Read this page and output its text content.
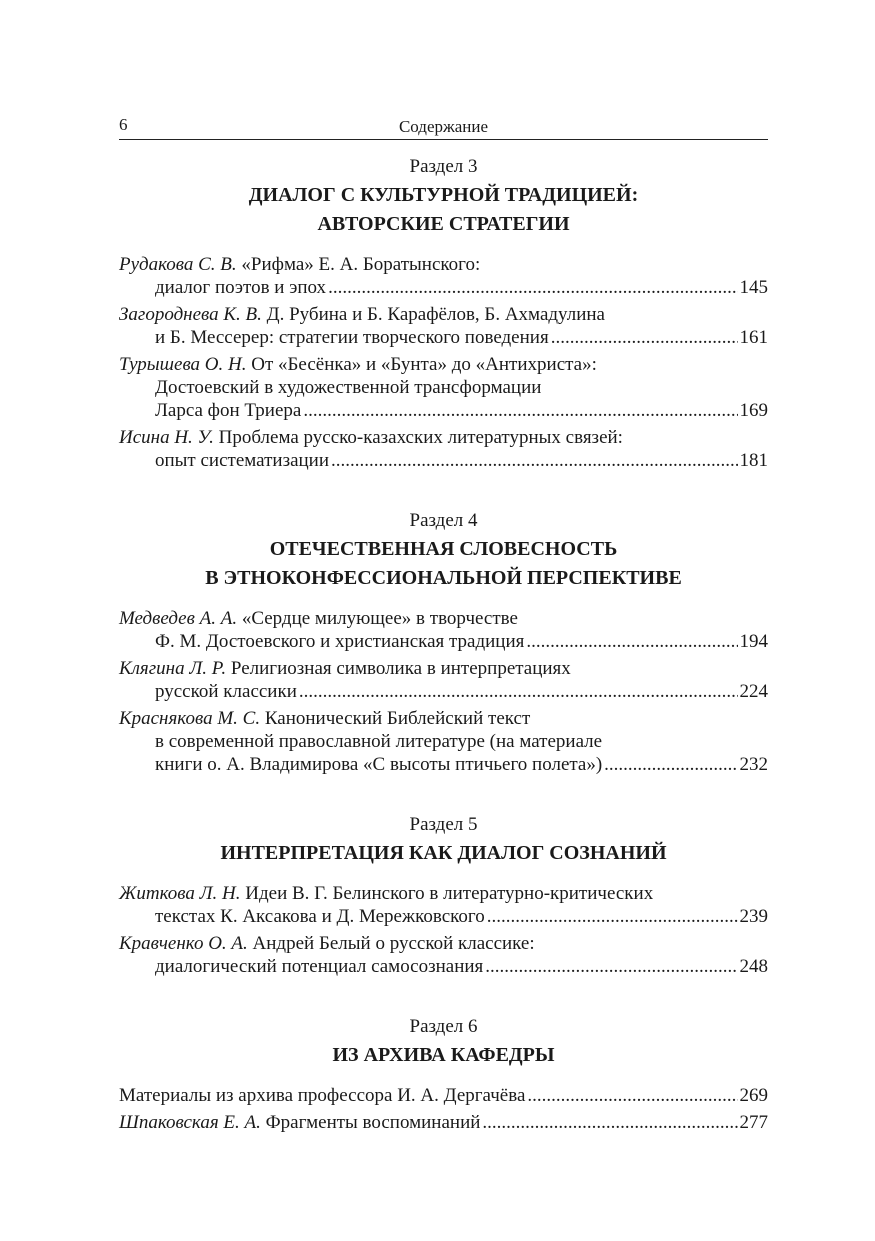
6	Содержание
Раздел 3
ДИАЛОГ С КУЛЬТУРНОЙ ТРАДИЦИЕЙ:
АВТОРСКИЕ СТРАТЕГИИ
Рудакова С. В. «Рифма» Е. А. Боратынского:
диалог поэтов и эпох .....	145
Загороднева К. В. Д. Рубина и Б. Карафёлов, Б. Ахмадулина
и Б. Мессерер: стратегии творческого поведения .....	161
Турышева О. Н. От «Бесёнка» и «Бунта» до «Антихриста»:
Достоевский в художественной трансформации
Ларса фон Триера .....	169
Исина Н. У. Проблема русско-казахских литературных связей:
опыт систематизации .....	181
Раздел 4
ОТЕЧЕСТВЕННАЯ СЛОВЕСНОСТЬ
В ЭТНОКОНФЕССИОНАЛЬНОЙ ПЕРСПЕКТИВЕ
Медведев А. А. «Сердце милующее» в творчестве
Ф. М. Достоевского и христианская традиция .....	194
Клягина Л. Р. Религиозная символика в интерпретациях
русской классики .....	224
Краснякова М. С. Канонический Библейский текст
в современной православной литературе (на материале
книги о. А. Владимирова «С высоты птичьего полета») .....	232
Раздел 5
ИНТЕРПРЕТАЦИЯ КАК ДИАЛОГ СОЗНАНИЙ
Житкова Л. Н. Идеи В. Г. Белинского в литературно-критических
текстах К. Аксакова и Д. Мережковского .....	239
Кравченко О. А. Андрей Белый о русской классике:
диалогический потенциал самосознания .....	248
Раздел 6
ИЗ АРХИВА КАФЕДРЫ
Материалы из архива профессора И. А. Дергачёва .....	269
Шпаковская Е. А. Фрагменты воспоминаний .....	277
